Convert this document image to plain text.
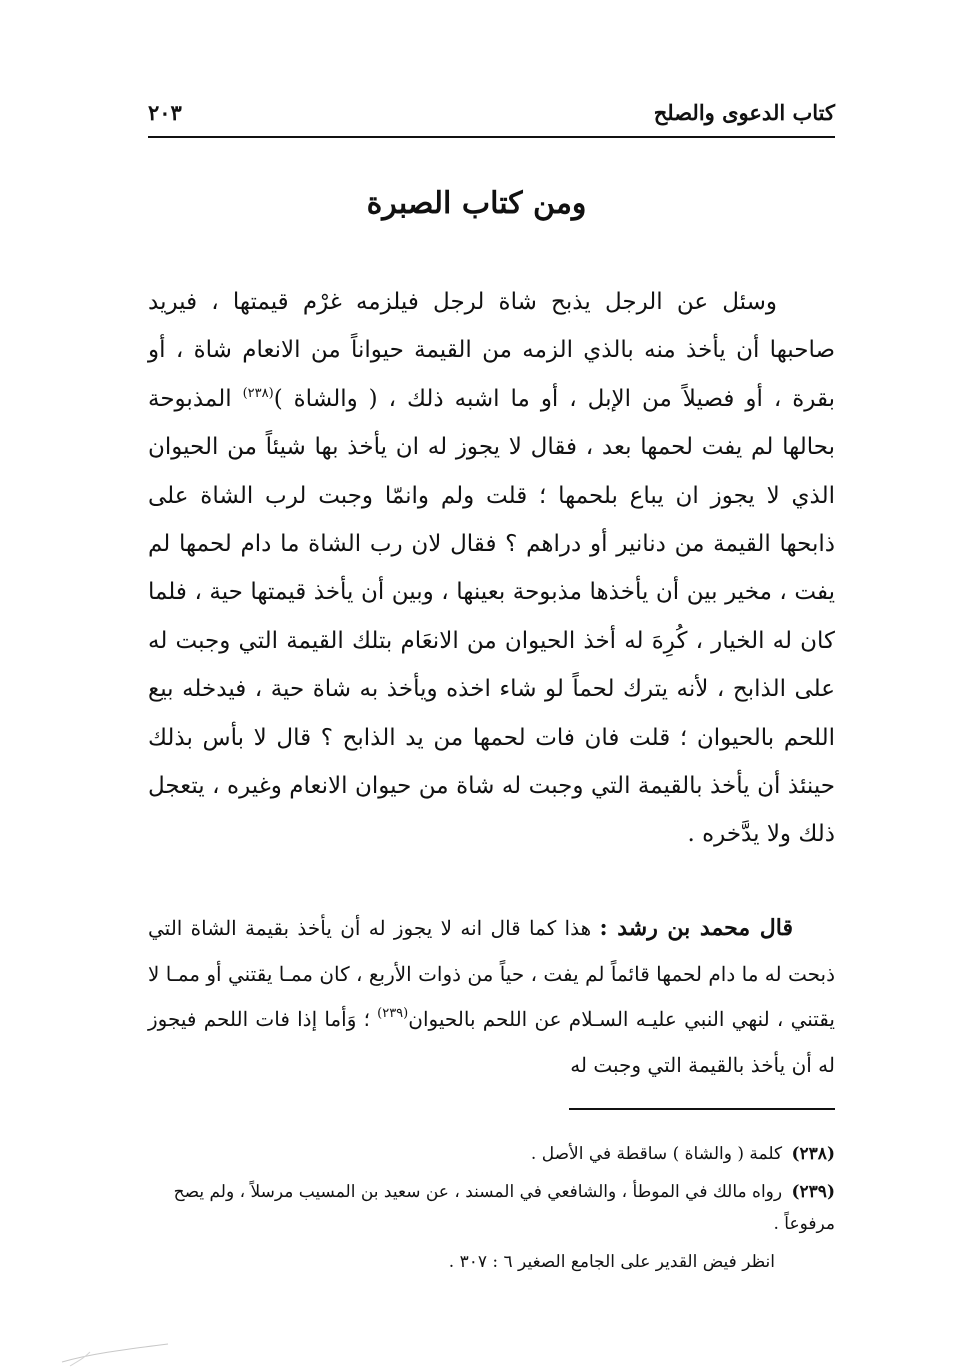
كتاب الدعوى والصلح
٢٠٣
ومن كتاب الصبرة

وسئل عن الرجل يذبح شاة لرجل فيلزمه غرْم قيمتها ، فيريد صاحبها أن يأخذ منه بالذي الزمه من القيمة حيواناً من الانعام شاة ، أو بقرة ، أو فصيلاً من الإبل ، أو ما اشبه ذلك ، ( والشاة )$^{(٢٣٨)}$ المذبوحة بحالها لم يفت لحمها بعد ، فقال لا يجوز له ان يأخذ بها شيئاً من الحيوان الذي لا يجوز ان يباع بلحمها ؛ قلت ولم وانمّا وجبت لرب الشاة على ذابحها القيمة من دنانير أو دراهم ؟ فقال لان رب الشاة ما دام لحمها لم يفت ، مخير بين أن يأخذها مذبوحة بعينها ، وبين أن يأخذ قيمتها حية ، فلما كان له الخيار ، كُرِهَ له أخذ الحيوان من الانعَام بتلك القيمة التي وجبت له على الذابح ، لأنه يترك لحماً لو شاء اخذه ويأخذ به شاة حية ، فيدخله بيع اللحم بالحيوان ؛ قلت فان فات لحمها من يد الذابح ؟ قال لا بأس بذلك حينئذ أن يأخذ بالقيمة التي وجبت له شاة من حيوان الانعام وغيره ، يتعجل ذلك ولا يدَّخره .

قال محمد بن رشد : هذا كما قال انه لا يجوز له أن يأخذ بقيمة الشاة التي ذبحت له ما دام لحمها قائماً لم يفت ، حياً من ذوات الأربع ، كان ممـا يقتني أو ممـا لا يقتني ، لنهي النبي عليـه السـلام عن اللحم بالحيوان$^{(٢٣٩)}$ ؛ وَأما إذا فات اللحم فيجوز له أن يأخذ بالقيمة التي وجبت له

(٢٣٨) كلمة ( والشاة ) ساقطة في الأصل .

(٢٣٩) رواه مالك في الموطأ ، والشافعي في المسند ، عن سعيد بن المسيب مرسلاً ، ولم يصح مرفوعاً .

انظر فيض القدير على الجامع الصغير ٦ : ٣٠٧ .
